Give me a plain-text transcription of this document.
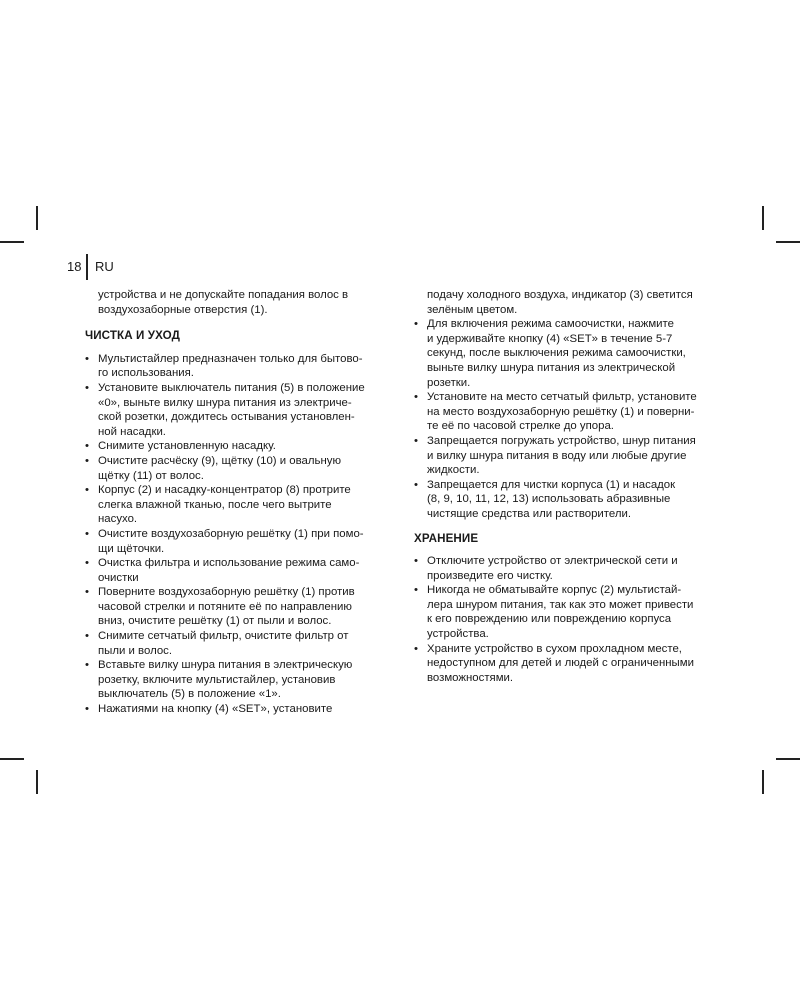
18 RU

устройства и не допускайте попадания волос в
воздухозаборные отверстия (1).

ЧИСТКА И УХОД
• Мультистайлер предназначен только для бытово-
го использования.
• Установите выключатель питания (5) в положение
«0», выньте вилку шнура питания из электриче-
ской розетки, дождитесь остывания установлен-
ной насадки.
• Снимите установленную насадку.
• Очистите расчёску (9), щётку (10) и овальную
щётку (11) от волос.
• Корпус (2) и насадку-концентратор (8) протрите
слегка влажной тканью, после чего вытрите
насухо.
• Очистите воздухозаборную решётку (1) при помо-
щи щёточки.
• Очистка фильтра и использование режима само-
очистки
• Поверните воздухозаборную решётку (1) против
часовой стрелки и потяните её по направлению
вниз, очистите решётку (1) от пыли и волос.
• Снимите сетчатый фильтр, очистите фильтр от
пыли и волос.
• Вставьте вилку шнура питания в электрическую
розетку, включите мультистайлер, установив
выключатель (5) в положение «1».
• Нажатиями на кнопку (4) «SET», установите

подачу холодного воздуха, индикатор (3) светится
зелёным цветом.

• Для включения режима самоочистки, нажмите
и удерживайте кнопку (4) «SET» в течение 5-7
секунд, после выключения режима самоочистки,
выньте вилку шнура питания из электрической
розетки.
• Установите на место сетчатый фильтр, установите
на место воздухозаборную решётку (1) и поверни-
те её по часовой стрелке до упора.
• Запрещается погружать устройство, шнур питания
и вилку шнура питания в воду или любые другие
жидкости.
• Запрещается для чистки корпуса (1) и насадок
(8, 9, 10, 11, 12, 13) использовать абразивные
чистящие средства или растворители.
ХРАНЕНИЕ
• Отключите устройство от электрической сети и
произведите его чистку.
• Никогда не обматывайте корпус (2) мультистай-
лера шнуром питания, так как это может привести
к его повреждению или повреждению корпуса
устройства.
• Храните устройство в сухом прохладном месте,
недоступном для детей и людей с ограниченными
возможностями.
